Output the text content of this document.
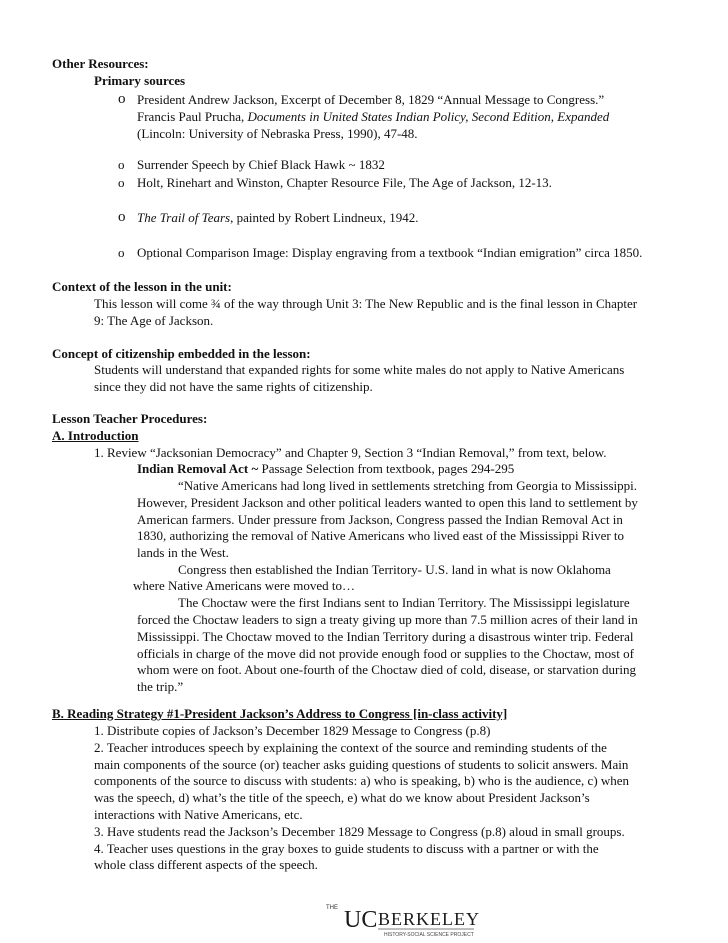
Other Resources:
Primary sources
o President Andrew Jackson, Excerpt of December 8, 1829 “Annual Message to Congress.”
Francis Paul Prucha, Documents in United States Indian Policy, Second Edition, Expanded
(Lincoln: University of Nebraska Press, 1990), 47-48.
o Surrender Speech by Chief Black Hawk ~ 1832
o Holt, Rinehart and Winston, Chapter Resource File, The Age of Jackson, 12-13.
o The Trail of Tears, painted by Robert Lindneux, 1942.
o Optional Comparison Image: Display engraving from a textbook “Indian emigration” circa 1850.
Context of the lesson in the unit:
This lesson will come ¾ of the way through Unit 3: The New Republic and is the final lesson in Chapter
9: The Age of Jackson.
Concept of citizenship embedded in the lesson:
Students will understand that expanded rights for some white males do not apply to Native Americans
since they did not have the same rights of citizenship.
Lesson Teacher Procedures:
A. Introduction
1. Review “Jacksonian Democracy” and Chapter 9, Section 3 “Indian Removal,” from text, below.
Indian Removal Act ~ Passage Selection from textbook, pages 294-295
“Native Americans had long lived in settlements stretching from Georgia to Mississippi.
However, President Jackson and other political leaders wanted to open this land to settlement by
American farmers. Under pressure from Jackson, Congress passed the Indian Removal Act in
1830, authorizing the removal of Native Americans who lived east of the Mississippi River to
lands in the West.
Congress then established the Indian Territory- U.S. land in what is now Oklahoma
where Native Americans were moved to…
The Choctaw were the first Indians sent to Indian Territory. The Mississippi legislature
forced the Choctaw leaders to sign a treaty giving up more than 7.5 million acres of their land in
Mississippi. The Choctaw moved to the Indian Territory during a disastrous winter trip. Federal
officials in charge of the move did not provide enough food or supplies to the Choctaw, most of
whom were on foot. About one-fourth of the Choctaw died of cold, disease, or starvation during
the trip.”
B. Reading Strategy #1-President Jackson’s Address to Congress [in-class activity]
1. Distribute copies of Jackson’s December 1829 Message to Congress (p.8)
2. Teacher introduces speech by explaining the context of the source and reminding students of the
main components of the source (or) teacher asks guiding questions of students to solicit answers. Main
components of the source to discuss with students: a) who is speaking, b) who is the audience, c) when
was the speech, d) what’s the title of the speech, e) what do we know about President Jackson’s
interactions with Native Americans, etc.
3. Have students read the Jackson’s December 1829 Message to Congress (p.8) aloud in small groups.
4. Teacher uses questions in the gray boxes to guide students to discuss with a partner or with the
whole class different aspects of the speech.
THE UC BERKELEY
HISTORY-SOCIAL SCIENCE PROJECT
